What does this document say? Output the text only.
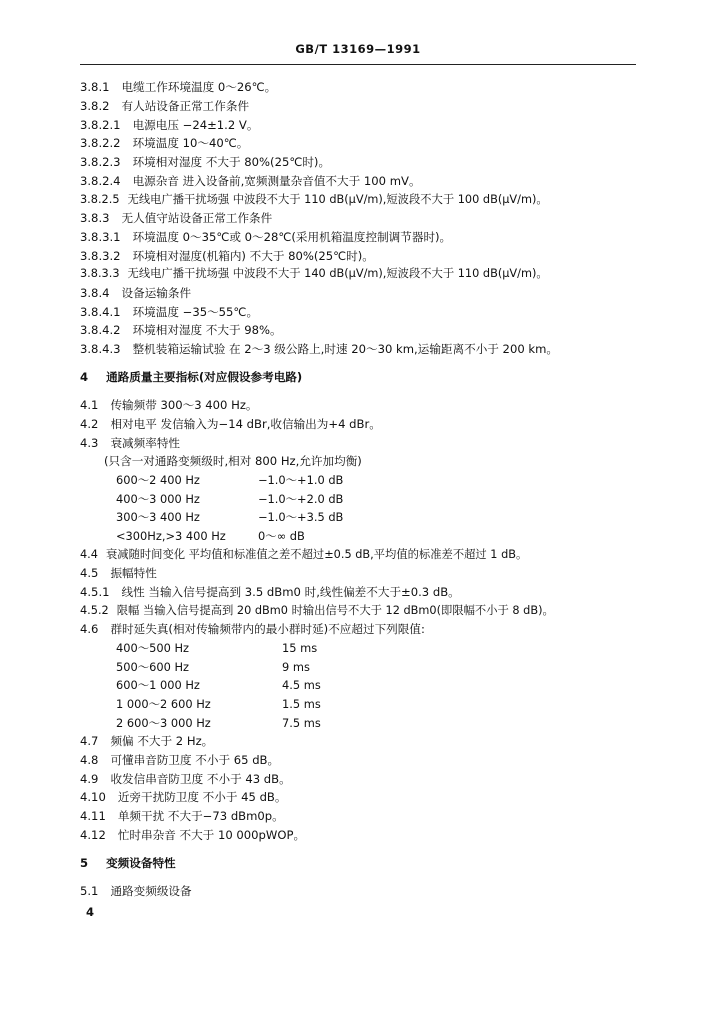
GB/T 13169—1991
3.8.1 电缆工作环境温度 0～26℃。
3.8.2 有人站设备正常工作条件
3.8.2.1 电源电压 −24±1.2 V。
3.8.2.2 环境温度 10～40℃。
3.8.2.3 环境相对湿度 不大于 80%(25℃时)。
3.8.2.4 电源杂音 进入设备前,宽频测量杂音值不大于 100 mV。
3.8.2.5 无线电广播干扰场强 中波段不大于 110 dB(μV/m),短波段不大于 100 dB(μV/m)。
3.8.3 无人值守站设备正常工作条件
3.8.3.1 环境温度 0～35℃或 0～28℃(采用机箱温度控制调节器时)。
3.8.3.2 环境相对湿度(机箱内) 不大于 80%(25℃时)。
3.8.3.3 无线电广播干扰场强 中波段不大于 140 dB(μV/m),短波段不大于 110 dB(μV/m)。
3.8.4 设备运输条件
3.8.4.1 环境温度 −35～55℃。
3.8.4.2 环境相对湿度 不大于 98%。
3.8.4.3 整机装箱运输试验 在 2～3 级公路上,时速 20～30 km,运输距离不小于 200 km。
4 通路质量主要指标(对应假设参考电路)
4.1 传输频带 300～3 400 Hz。
4.2 相对电平 发信输入为−14 dBr,收信输出为+4 dBr。
4.3 衰减频率特性
(只含一对通路变频级时,相对 800 Hz,允许加均衡)
600～2 400 Hz	−1.0～+1.0 dB
400～3 000 Hz	−1.0～+2.0 dB
300～3 400 Hz	−1.0～+3.5 dB
<300Hz,>3 400 Hz	0～∞ dB
4.4 衰减随时间变化 平均值和标准值之差不超过±0.5 dB,平均值的标准差不超过 1 dB。
4.5 振幅特性
4.5.1 线性 当输入信号提高到 3.5 dBm0 时,线性偏差不大于±0.3 dB。
4.5.2 限幅 当输入信号提高到 20 dBm0 时输出信号不大于 12 dBm0(即限幅不小于 8 dB)。
4.6 群时延失真(相对传输频带内的最小群时延)不应超过下列限值:
400～500 Hz	15 ms
500～600 Hz	9 ms
600～1 000 Hz	4.5 ms
1 000～2 600 Hz	1.5 ms
2 600～3 000 Hz	7.5 ms
4.7 频偏 不大于 2 Hz。
4.8 可懂串音防卫度 不小于 65 dB。
4.9 收发信串音防卫度 不小于 43 dB。
4.10 近旁干扰防卫度 不小于 45 dB。
4.11 单频干扰 不大于−73 dBm0p。
4.12 忙时串杂音 不大于 10 000pWOP。
5 变频设备特性
5.1 通路变频级设备
4
